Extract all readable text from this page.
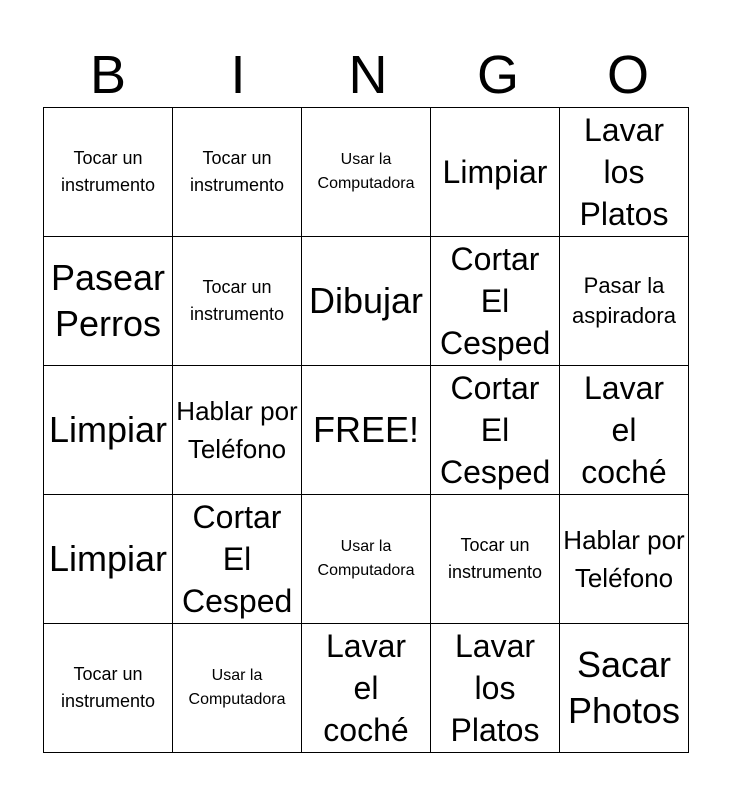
B	I	N	G	O
Tocar un instrumento	Tocar un instrumento	Usar la Computadora	Limpiar	Lavar los Platos

Pasear Perros	Tocar un instrumento	Dibujar	Cortar El Cesped	Pasar la aspiradora

Limpiar	Hablar por Teléfono	FREE!	Cortar El Cesped	Lavar el coché

Limpiar	Cortar El Cesped	Usar la Computadora	Tocar un instrumento	Hablar por Teléfono

Tocar un instrumento	Usar la Computadora	Lavar el coché	Lavar los Platos	Sacar Photos
